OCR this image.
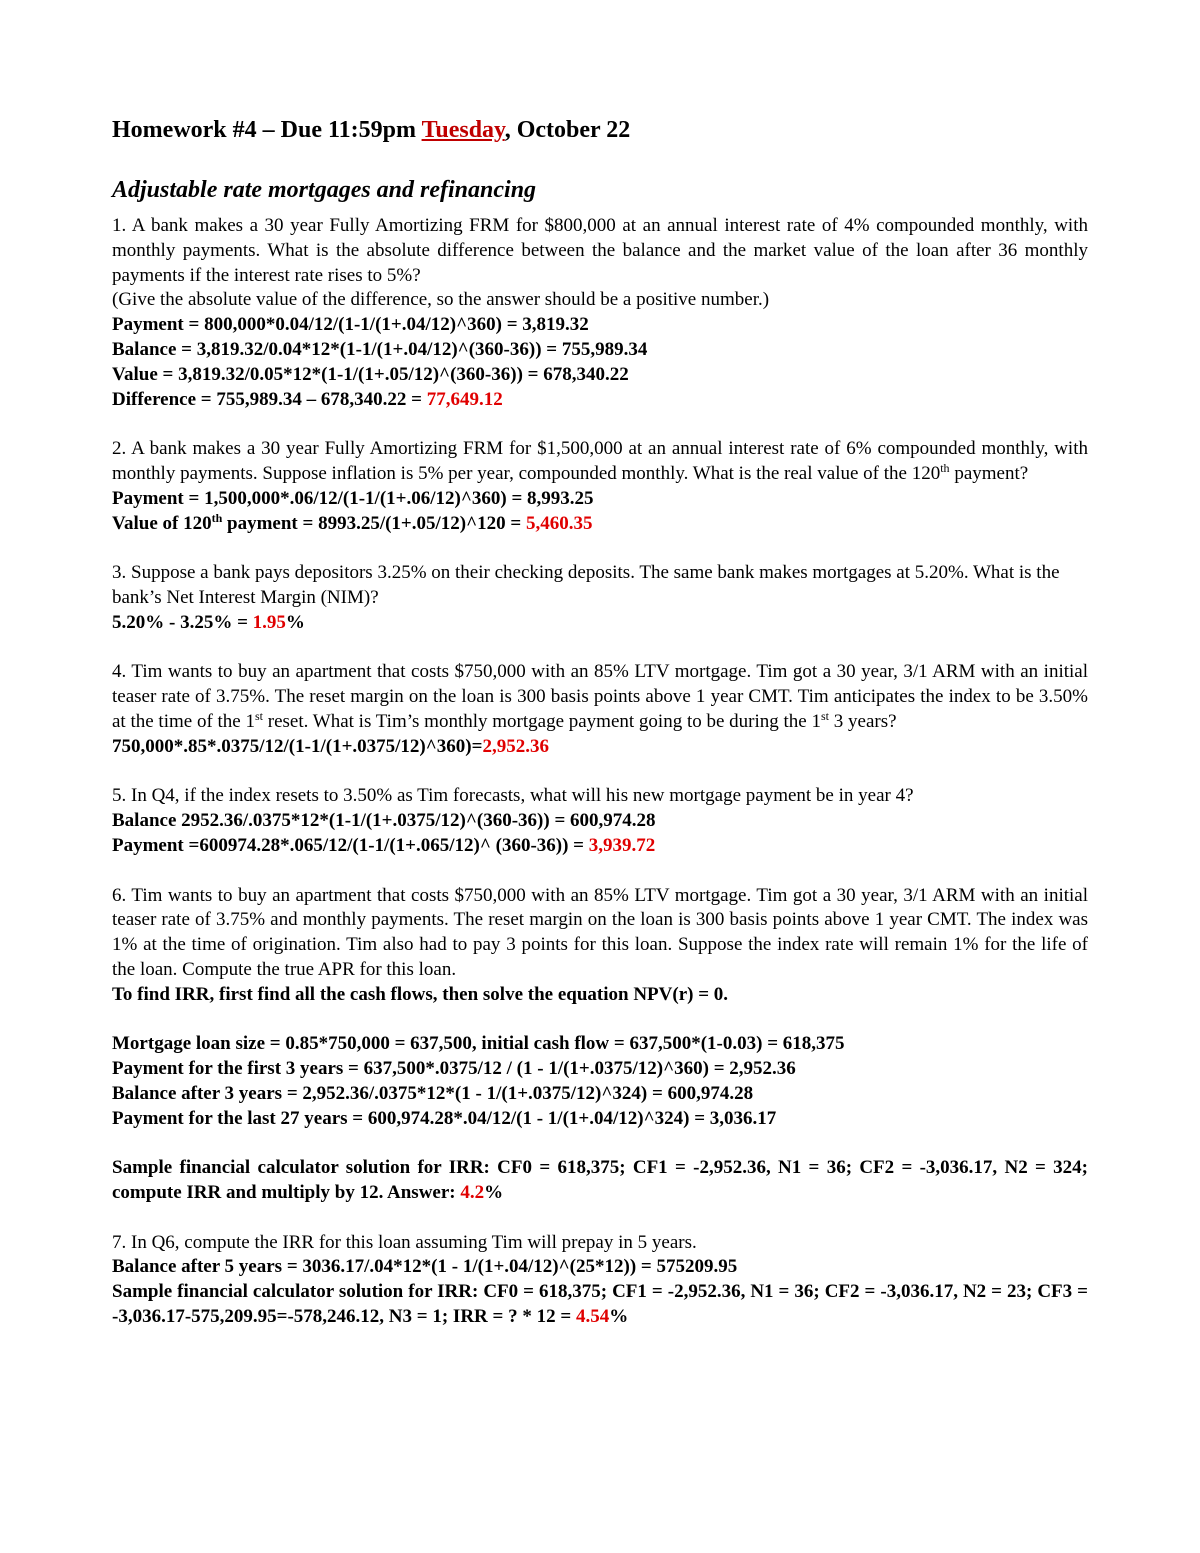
Homework #4 – Due 11:59pm Tuesday, October 22
Adjustable rate mortgages and refinancing

1. A bank makes a 30 year Fully Amortizing FRM for $800,000 at an annual interest rate of 4% compounded monthly, with monthly payments. What is the absolute difference between the balance and the market value of the loan after 36 monthly payments if the interest rate rises to 5%?

(Give the absolute value of the difference, so the answer should be a positive number.)

Payment = 800,000*0.04/12/(1-1/(1+.04/12)^360) = 3,819.32

Balance = 3,819.32/0.04*12*(1-1/(1+.04/12)^(360-36)) = 755,989.34

Value = 3,819.32/0.05*12*(1-1/(1+.05/12)^(360-36)) = 678,340.22

Difference = 755,989.34 – 678,340.22 = 77,649.12

2. A bank makes a 30 year Fully Amortizing FRM for $1,500,000 at an annual interest rate of 6% compounded monthly, with monthly payments. Suppose inflation is 5% per year, compounded monthly. What is the real value of the 120th payment?

Payment = 1,500,000*.06/12/(1-1/(1+.06/12)^360) = 8,993.25

Value of 120th payment = 8993.25/(1+.05/12)^120 = 5,460.35

3. Suppose a bank pays depositors 3.25% on their checking deposits. The same bank makes mortgages at 5.20%. What is the bank’s Net Interest Margin (NIM)?

5.20% - 3.25% = 1.95%

4. Tim wants to buy an apartment that costs $750,000 with an 85% LTV mortgage. Tim got a 30 year, 3/1 ARM with an initial teaser rate of 3.75%. The reset margin on the loan is 300 basis points above 1 year CMT. Tim anticipates the index to be 3.50% at the time of the 1st reset. What is Tim’s monthly mortgage payment going to be during the 1st 3 years?

750,000*.85*.0375/12/(1-1/(1+.0375/12)^360)=2,952.36

5. In Q4, if the index resets to 3.50% as Tim forecasts, what will his new mortgage payment be in year 4?

Balance 2952.36/.0375*12*(1-1/(1+.0375/12)^(360-36)) = 600,974.28

Payment =600974.28*.065/12/(1-1/(1+.065/12)^ (360-36)) = 3,939.72

6. Tim wants to buy an apartment that costs $750,000 with an 85% LTV mortgage. Tim got a 30 year, 3/1 ARM with an initial teaser rate of 3.75% and monthly payments. The reset margin on the loan is 300 basis points above 1 year CMT. The index was 1% at the time of origination. Tim also had to pay 3 points for this loan. Suppose the index rate will remain 1% for the life of the loan. Compute the true APR for this loan.

To find IRR, first find all the cash flows, then solve the equation NPV(r) = 0.

Mortgage loan size = 0.85*750,000 = 637,500, initial cash flow = 637,500*(1-0.03) = 618,375

Payment for the first 3 years = 637,500*.0375/12 / (1 - 1/(1+.0375/12)^360) = 2,952.36

Balance after 3 years = 2,952.36/.0375*12*(1 - 1/(1+.0375/12)^324) = 600,974.28

Payment for the last 27 years = 600,974.28*.04/12/(1 - 1/(1+.04/12)^324) = 3,036.17

Sample financial calculator solution for IRR: CF0 = 618,375; CF1 = -2,952.36, N1 = 36; CF2 = -3,036.17, N2 = 324; compute IRR and multiply by 12. Answer: 4.2%

7. In Q6, compute the IRR for this loan assuming Tim will prepay in 5 years.

Balance after 5 years = 3036.17/.04*12*(1 - 1/(1+.04/12)^(25*12)) = 575209.95

Sample financial calculator solution for IRR: CF0 = 618,375; CF1 = -2,952.36, N1 = 36; CF2 = -3,036.17, N2 = 23; CF3 = -3,036.17-575,209.95=-578,246.12, N3 = 1; IRR = ? * 12 = 4.54%
